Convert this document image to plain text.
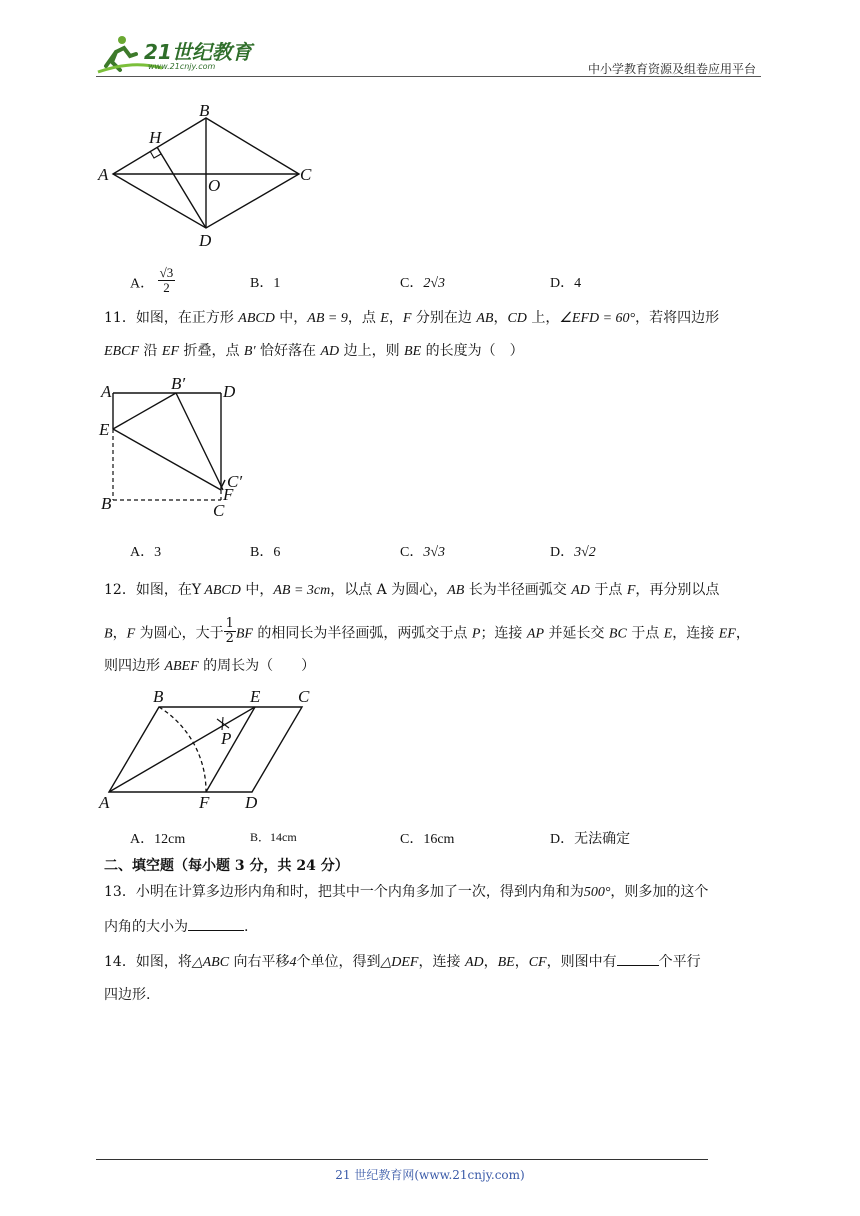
21世纪教育
www.21cnjy.com	中小学教育资源及组卷应用平台
B
A	C
D
O
H
A． $\frac{√3}{2}$	B．1	C．2√3	D．4
11．如图，在正方形 ABCD 中，AB = 9，点 E，F 分别在边 AB，CD 上，∠EFD = 60°，若将四边形
EBCF 沿 EF 折叠，点 B′ 恰好落在 AD 边上，则 BE 的长度为（　）
A	B′ D
E
C′
F
B	C
A．3	B．6	C．3√3	D．3√2
12．如图，在Y ABCD 中，AB = 3cm，以点 A 为圆心，AB 长为半径画弧交 AD 于点 F，再分别以点
B，F 为圆心，大于 $\frac{1}{2}$ BF 的相同长为半径画弧，两弧交于点 P；连接 AP 并延长交 BC 于点 E，连接 EF，
则四边形 ABEF 的周长为（　　）
B	E C
P
A	F D
A．12cm	B．14cm	C．16cm	D．无法确定
二、填空题（每小题 3 分，共 24 分）
13．小明在计算多边形内角和时，把其中一个内角多加了一次，得到内角和为500°，则多加的这个
内角的大小为	.
14．如图，将△ABC 向右平移4个单位，得到△DEF，连接 AD，BE，CF，则图中有	个平行
四边形.
21 世纪教育网(www.21cnjy.com)
